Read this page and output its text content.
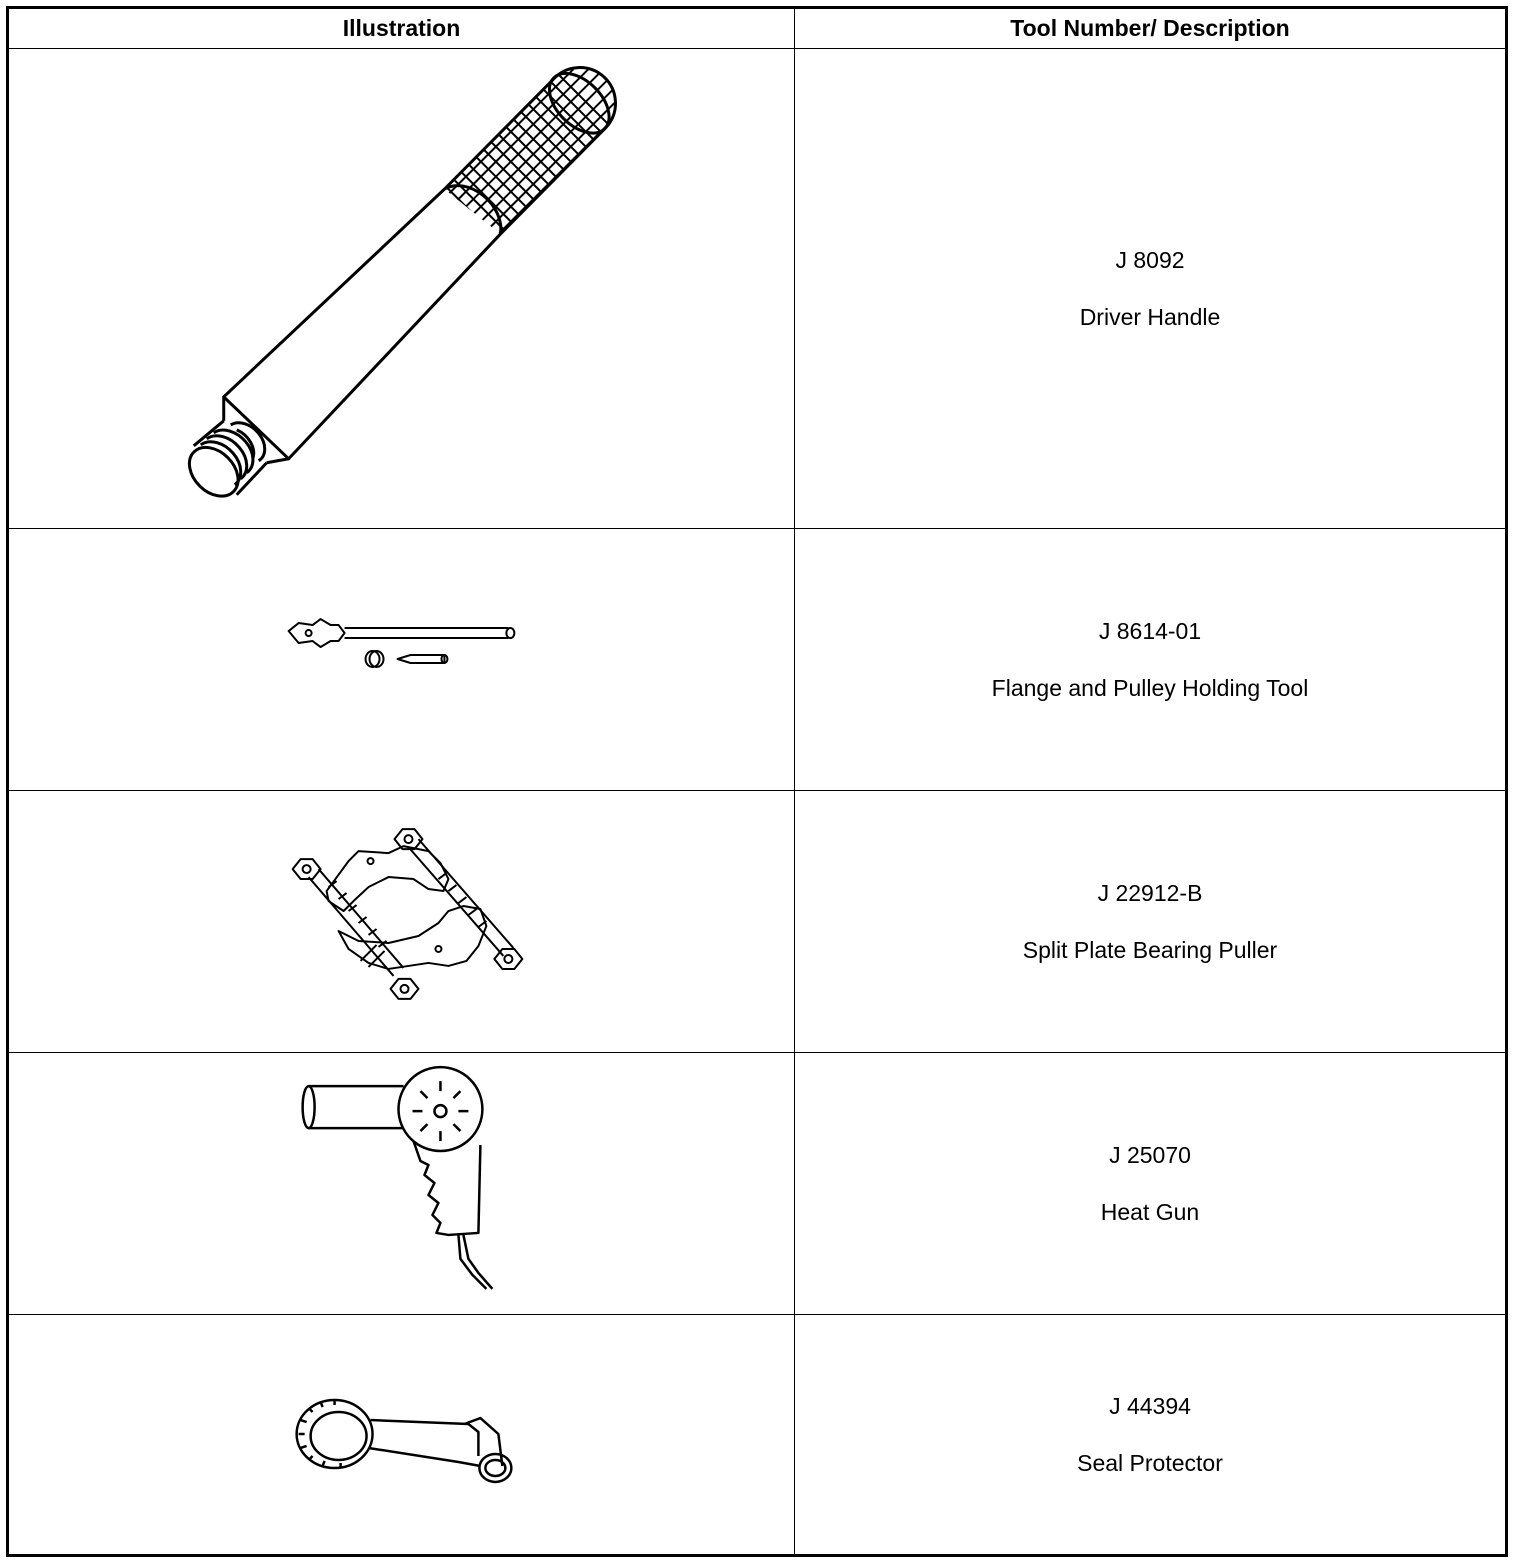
Illustration	Tool Number/ Description
J 8092
Driver Handle
J 8614-01
Flange and Pulley Holding Tool
J 22912-B
Split Plate Bearing Puller
J 25070
Heat Gun
J 44394
Seal Protector
